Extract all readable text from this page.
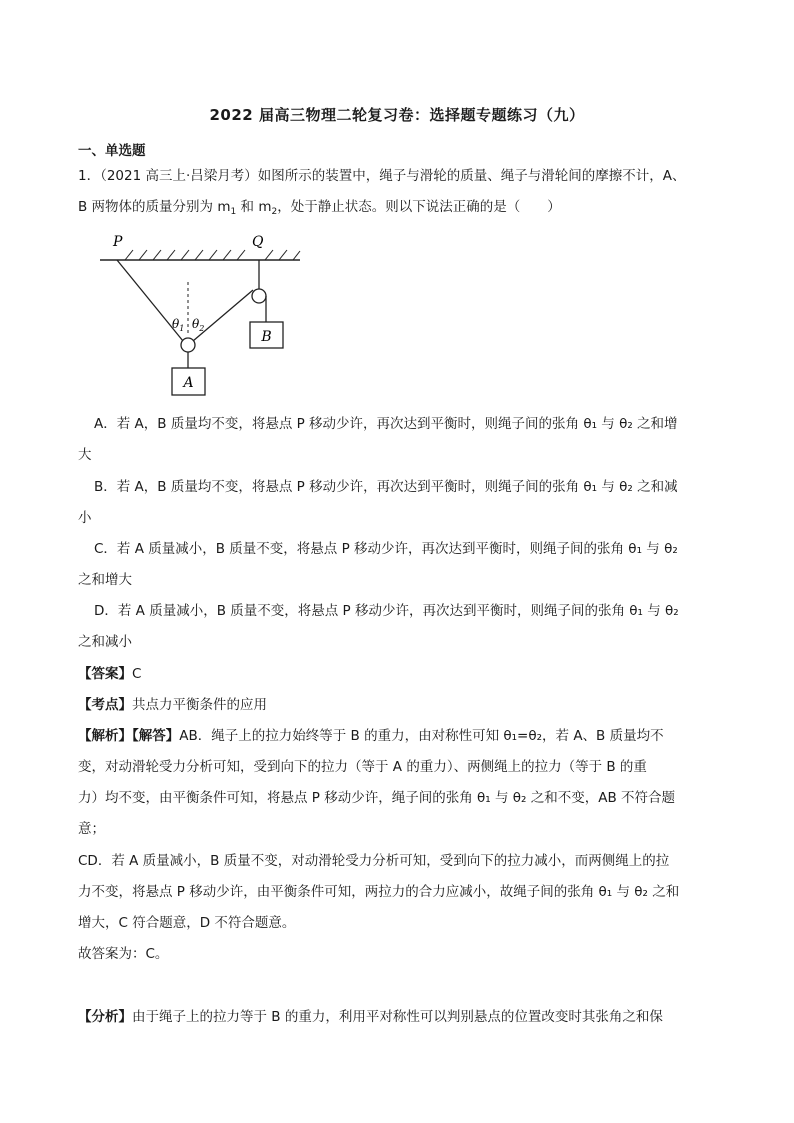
2022 届高三物理二轮复习卷：选择题专题练习（九）
一、单选题
1．（2021 高三上·吕梁月考）如图所示的装置中，绳子与滑轮的质量、绳子与滑轮间的摩擦不计，A、
B 两物体的质量分别为 $m_1$ 和 $m_2$，处于静止状态。则以下说法正确的是（　　）
P	Q
B
$\theta_1$ $\theta_2$
A
A．若 A，B 质量均不变，将悬点 P 移动少许，再次达到平衡时，则绳子间的张角 θ₁ 与 θ₂ 之和增
大
B．若 A，B 质量均不变，将悬点 P 移动少许，再次达到平衡时，则绳子间的张角 θ₁ 与 θ₂ 之和减
小
C．若 A 质量减小，B 质量不变，将悬点 P 移动少许，再次达到平衡时，则绳子间的张角 θ₁ 与 θ₂
之和增大
D．若 A 质量减小，B 质量不变，将悬点 P 移动少许，再次达到平衡时，则绳子间的张角 θ₁ 与 θ₂
之和减小
【答案】C
【考点】共点力平衡条件的应用
【解析】【解答】AB．绳子上的拉力始终等于 B 的重力，由对称性可知 θ₁=θ₂，若 A、B 质量均不
变，对动滑轮受力分析可知，受到向下的拉力（等于 A 的重力）、两侧绳上的拉力（等于 B 的重
力）均不变，由平衡条件可知，将悬点 P 移动少许，绳子间的张角 θ₁ 与 θ₂ 之和不变，AB 不符合题
意；
CD．若 A 质量减小，B 质量不变，对动滑轮受力分析可知，受到向下的拉力减小，而两侧绳上的拉
力不变，将悬点 P 移动少许，由平衡条件可知，两拉力的合力应减小，故绳子间的张角 θ₁ 与 θ₂ 之和
增大，C 符合题意，D 不符合题意。
故答案为：C。
【分析】由于绳子上的拉力等于 B 的重力，利用平对称性可以判别悬点的位置改变时其张角之和保
